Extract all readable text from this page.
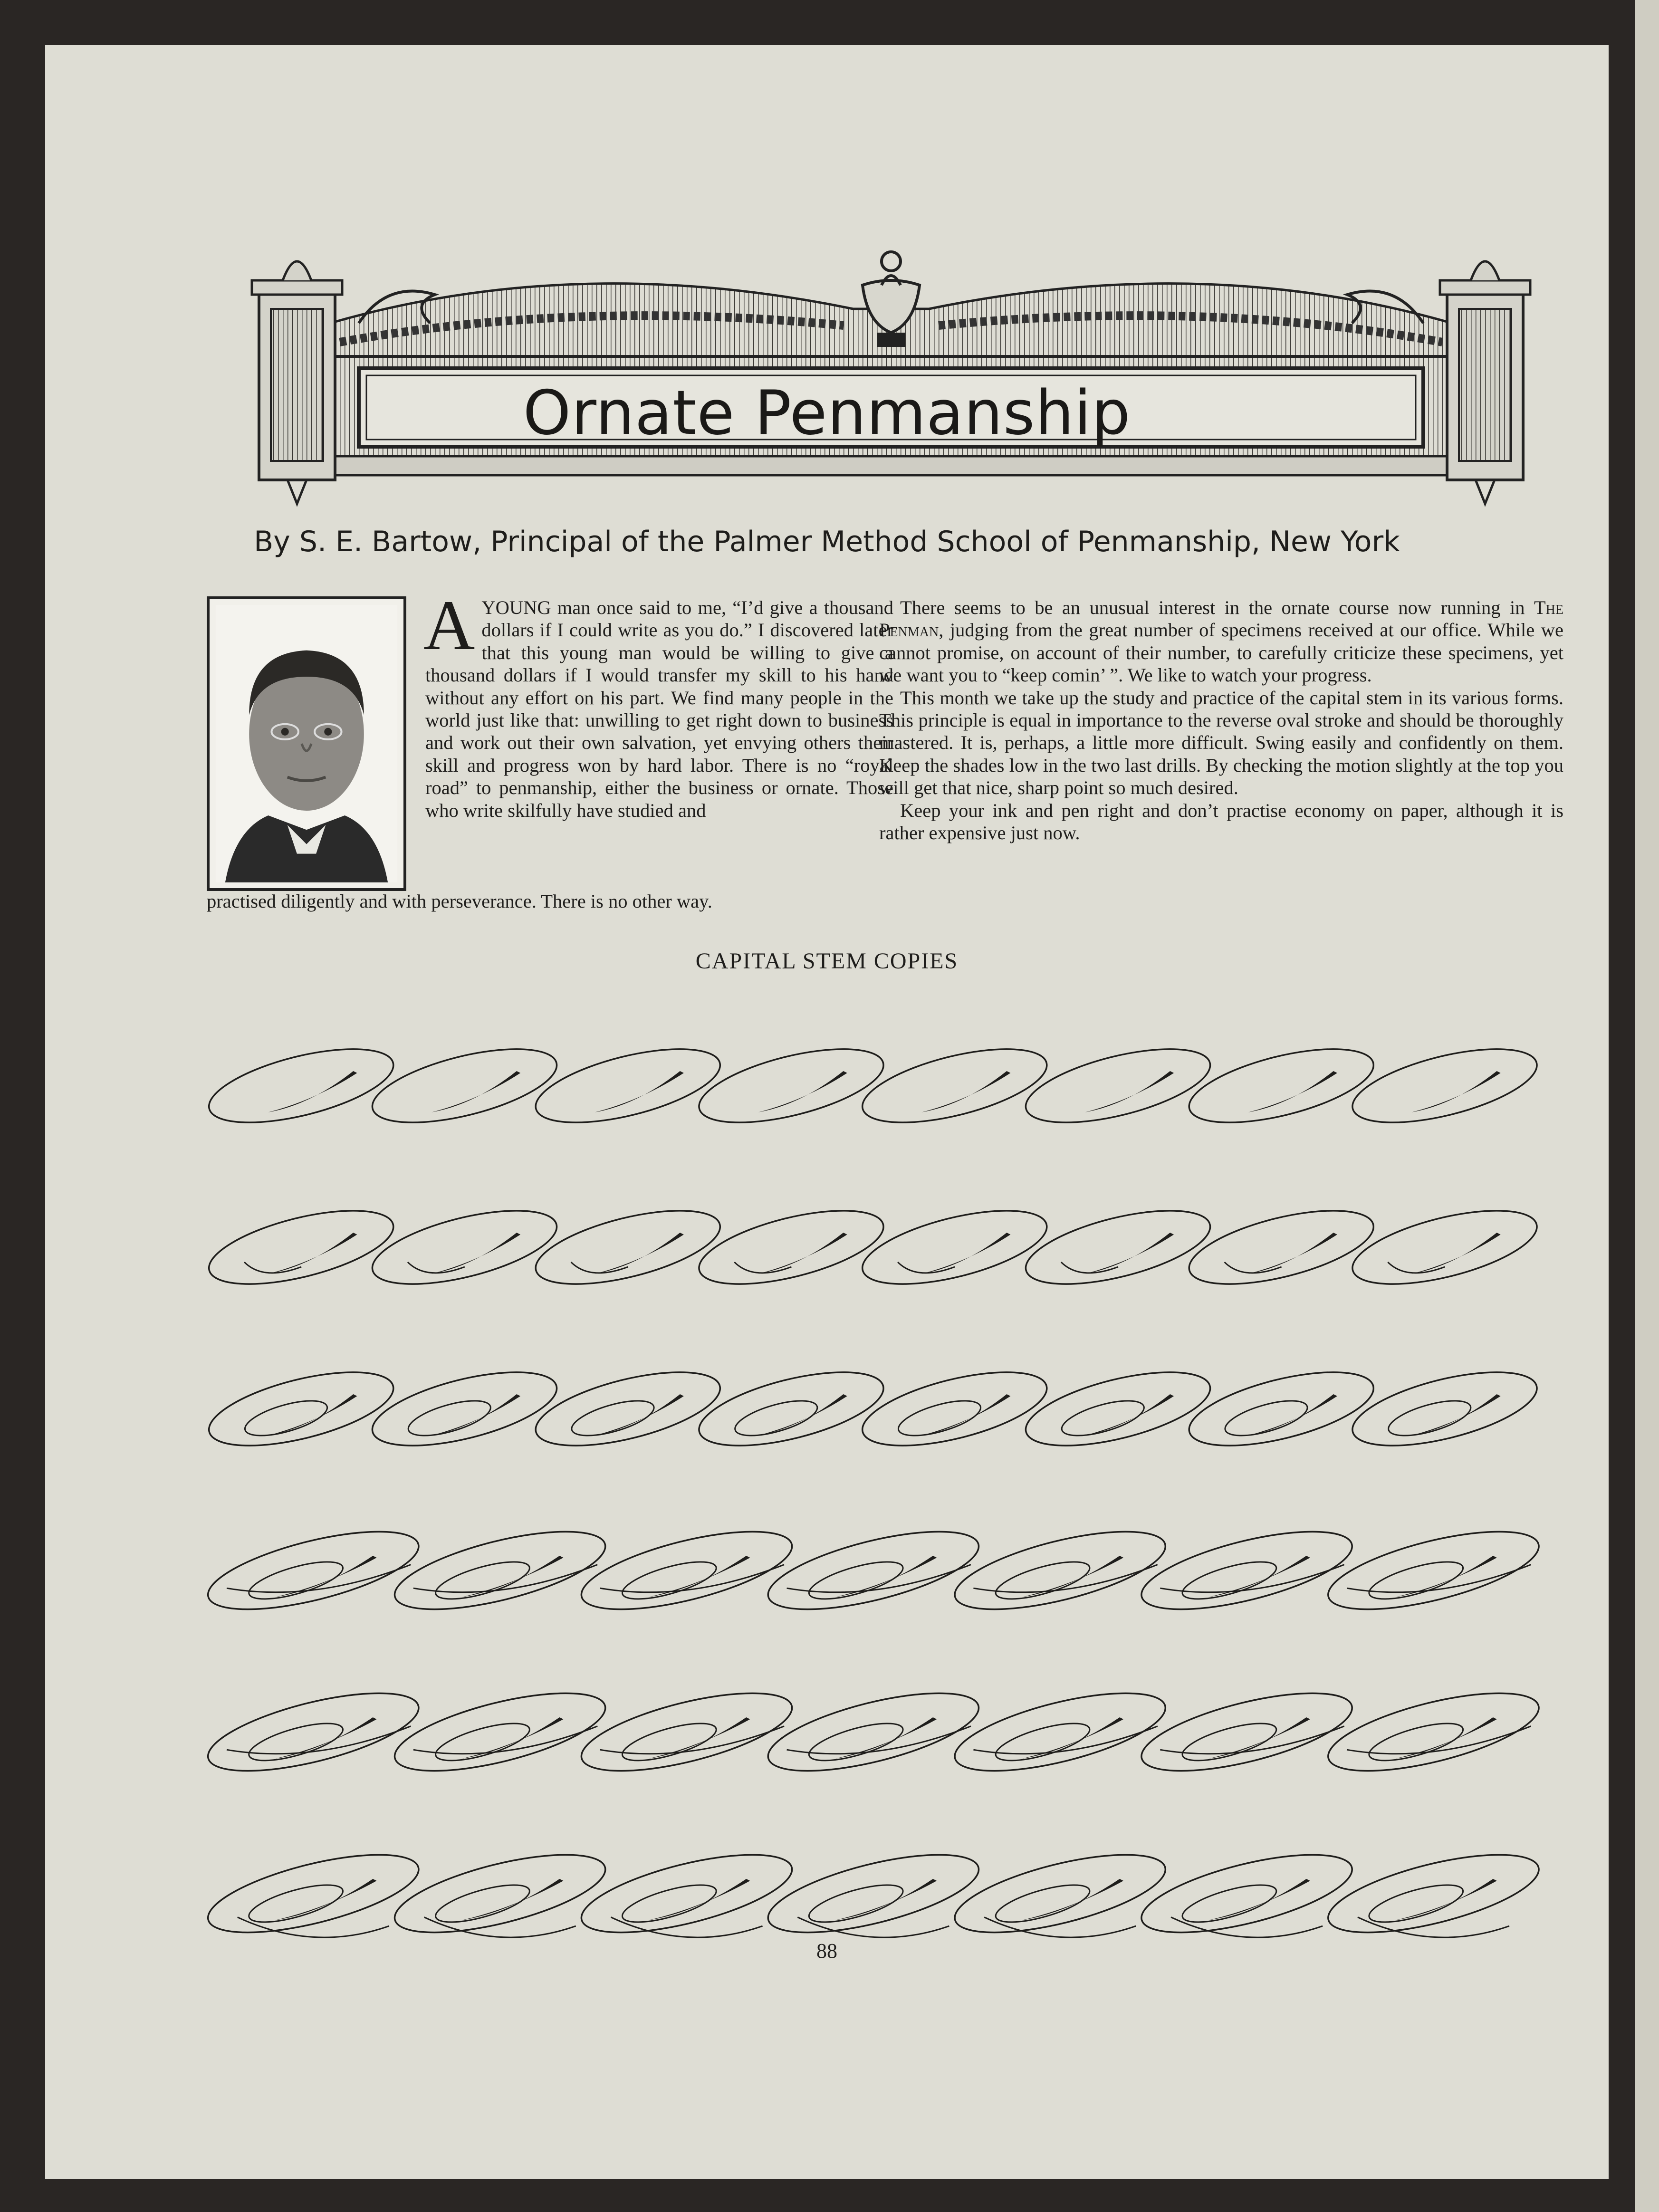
Ornate Penmanship

By S. E. Bartow, Principal of the Palmer Method School of Penmanship, New York

A YOUNG man once said to me, “I’d give a thousand dollars if I could write as you do.” I discovered later that this young man would be willing to give a thousand dollars if I would transfer my skill to his hand without any effort on his part. We find many people in the world just like that: unwilling to get right down to business and work out their own salvation, yet envying others their skill and progress won by hard labor. There is no “royal road” to penmanship, either the business or ornate. Those who write skilfully have studied and

practised diligently and with perseverance. There is no other way.

There seems to be an unusual interest in the ornate course now running in The Penman, judging from the great number of specimens received at our office. While we cannot promise, on account of their number, to carefully criticize these specimens, yet we want you to “keep comin’ ”. We like to watch your progress.

This month we take up the study and practice of the capital stem in its various forms. This principle is equal in importance to the reverse oval stroke and should be thoroughly mastered. It is, perhaps, a little more difficult. Swing easily and confidently on them. Keep the shades low in the two last drills. By checking the motion slightly at the top you will get that nice, sharp point so much desired.

Keep your ink and pen right and don’t practise economy on paper, although it is rather expensive just now.

CAPITAL STEM COPIES
88
